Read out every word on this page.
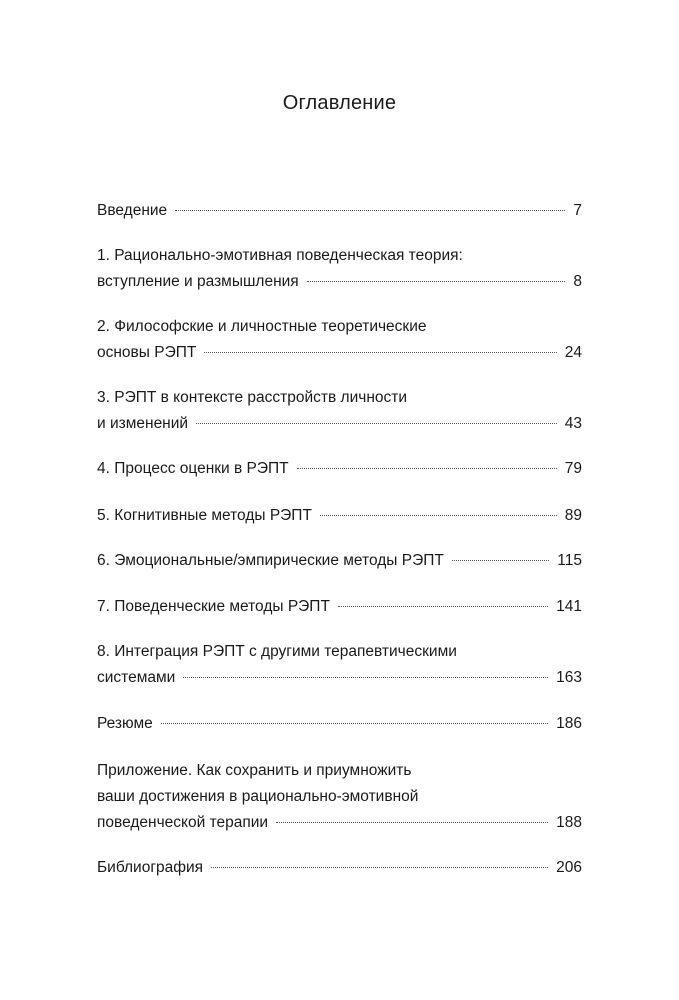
Оглавление
Введение	7
1. Рационально-эмотивная поведенческая теория:
вступление и размышления	8
2. Философские и личностные теоретические
основы РЭПТ	24
3. РЭПТ в контексте расстройств личности
и изменений	43
4. Процесс оценки в РЭПТ	79
5. Когнитивные методы РЭПТ	89
6. Эмоциональные/эмпирические методы РЭПТ	115
7. Поведенческие методы РЭПТ	141
8. Интеграция РЭПТ с другими терапевтическими
системами	163
Резюме	186
Приложение. Как сохранить и приумножить
ваши достижения в рационально-эмотивной
поведенческой терапии	188
Библиография	206
